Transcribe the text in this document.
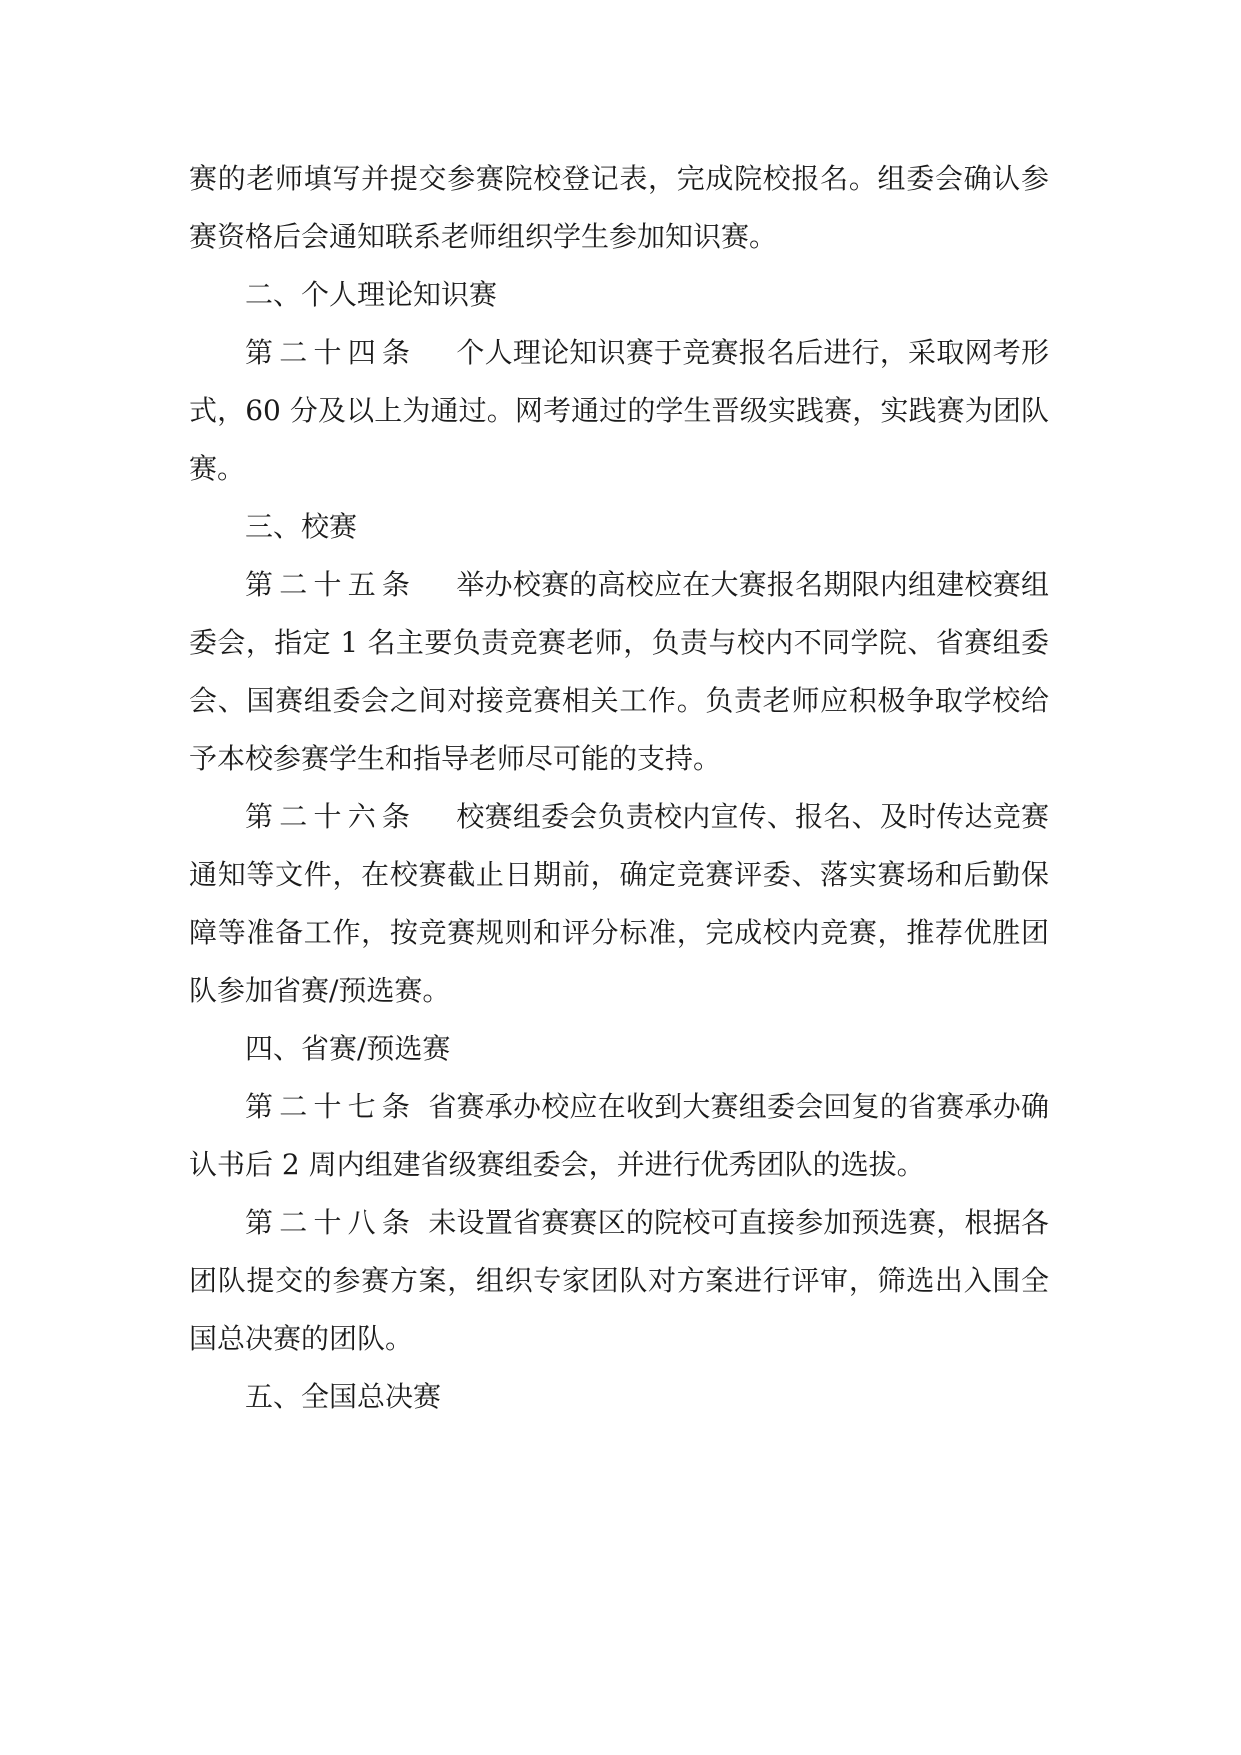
赛的老师填写并提交参赛院校登记表，完成院校报名。组委会确认参赛资格后会通知联系老师组织学生参加知识赛。

二、个人理论知识赛

第二十四条 个人理论知识赛于竞赛报名后进行，采取网考形式，60 分及以上为通过。网考通过的学生晋级实践赛，实践赛为团队赛。

三、校赛

第二十五条 举办校赛的高校应在大赛报名期限内组建校赛组委会，指定 1 名主要负责竞赛老师，负责与校内不同学院、省赛组委会、国赛组委会之间对接竞赛相关工作。负责老师应积极争取学校给予本校参赛学生和指导老师尽可能的支持。

第二十六条 校赛组委会负责校内宣传、报名、及时传达竞赛通知等文件，在校赛截止日期前，确定竞赛评委、落实赛场和后勤保障等准备工作，按竞赛规则和评分标准，完成校内竞赛，推荐优胜团队参加省赛/预选赛。

四、省赛/预选赛

第二十七条 省赛承办校应在收到大赛组委会回复的省赛承办确认书后 2 周内组建省级赛组委会，并进行优秀团队的选拔。

第二十八条 未设置省赛赛区的院校可直接参加预选赛，根据各团队提交的参赛方案，组织专家团队对方案进行评审，筛选出入围全国总决赛的团队。

五、全国总决赛
